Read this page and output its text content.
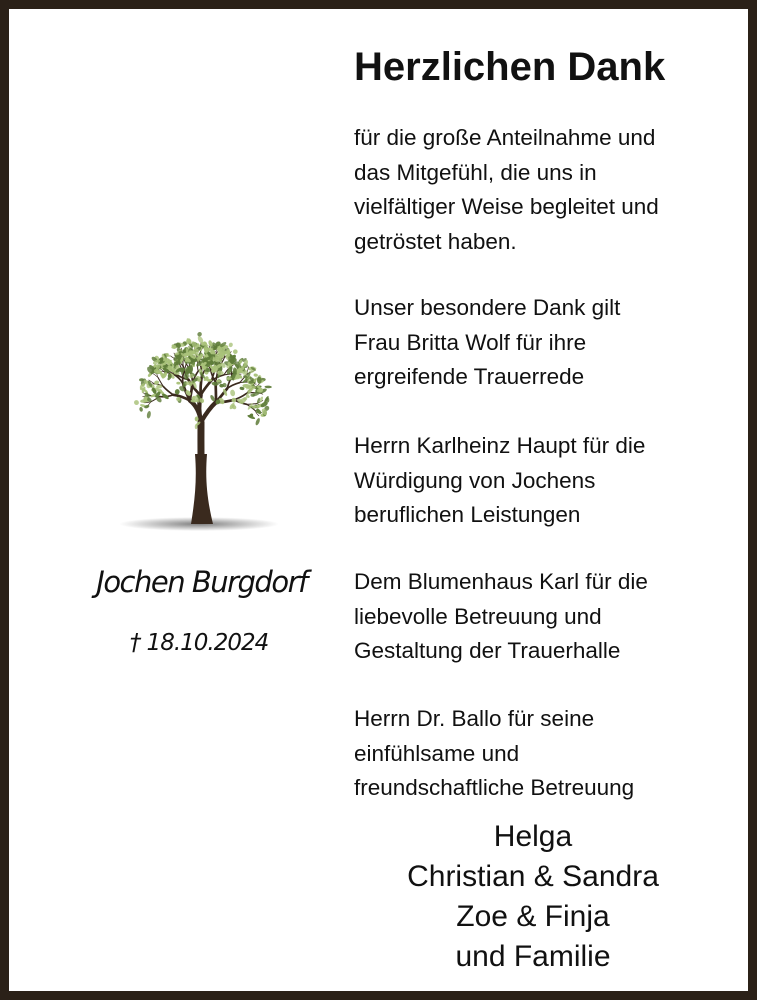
Herzlichen Dank

für die große Anteilnahme und
das Mitgefühl, die uns in
vielfältiger Weise begleitet und
getröstet haben.

Unser besondere Dank gilt
Frau Britta Wolf für ihre
ergreifende Trauerrede

Herrn Karlheinz Haupt für die
Würdigung von Jochens
beruflichen Leistungen

Dem Blumenhaus Karl für die
liebevolle Betreuung und
Gestaltung der Trauerhalle

Herrn Dr. Ballo für seine
einfühlsame und
freundschaftliche Betreuung

Jochen Burgdorf

† 18.10.2024

Helga
Christian & Sandra
Zoe & Finja
und Familie
